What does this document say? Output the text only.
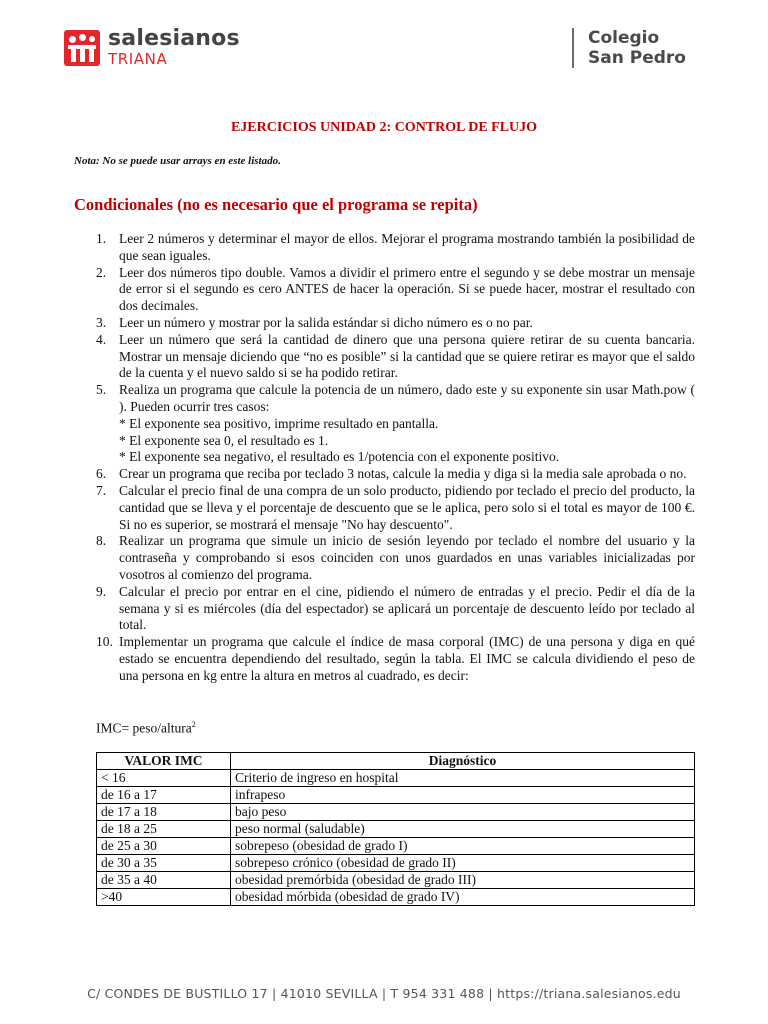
salesianos
TRIANA
Colegio
San Pedro
EJERCICIOS UNIDAD 2: CONTROL DE FLUJO
Nota: No se puede usar arrays en este listado.
Condicionales (no es necesario que el programa se repita)
1. Leer 2 números y determinar el mayor de ellos. Mejorar el programa mostrando también la posibilidad de que sean iguales.
2. Leer dos números tipo double. Vamos a dividir el primero entre el segundo y se debe mostrar un mensaje de error si el segundo es cero ANTES de hacer la operación. Si se puede hacer, mostrar el resultado con dos decimales.
3. Leer un número y mostrar por la salida estándar si dicho número es o no par.
4. Leer un número que será la cantidad de dinero que una persona quiere retirar de su cuenta bancaria. Mostrar un mensaje diciendo que “no es posible” si la cantidad que se quiere retirar es mayor que el saldo de la cuenta y el nuevo saldo si se ha podido retirar.
5. Realiza un programa que calcule la potencia de un número, dado este y su exponente sin usar Math.pow ( ). Pueden ocurrir tres casos:
* El exponente sea positivo, imprime resultado en pantalla.
* El exponente sea 0, el resultado es 1.
* El exponente sea negativo, el resultado es 1/potencia con el exponente positivo.
6. Crear un programa que reciba por teclado 3 notas, calcule la media y diga si la media sale aprobada o no.
7. Calcular el precio final de una compra de un solo producto, pidiendo por teclado el precio del producto, la cantidad que se lleva y el porcentaje de descuento que se le aplica, pero solo si el total es mayor de 100 €. Si no es superior, se mostrará el mensaje "No hay descuento".
8. Realizar un programa que simule un inicio de sesión leyendo por teclado el nombre del usuario y la contraseña y comprobando si esos coinciden con unos guardados en unas variables inicializadas por vosotros al comienzo del programa.
9. Calcular el precio por entrar en el cine, pidiendo el número de entradas y el precio. Pedir el día de la semana y si es miércoles (día del espectador) se aplicará un porcentaje de descuento leído por teclado al total.
10. Implementar un programa que calcule el índice de masa corporal (IMC) de una persona y diga en qué estado se encuentra dependiendo del resultado, según la tabla. El IMC se calcula dividiendo el peso de una persona en kg entre la altura en metros al cuadrado, es decir:
IMC= peso/altura$^2$
VALOR IMC	Diagnóstico
< 16	Criterio de ingreso en hospital
de 16 a 17	infrapeso
de 17 a 18	bajo peso
de 18 a 25	peso normal (saludable)
de 25 a 30	sobrepeso (obesidad de grado I)
de 30 a 35	sobrepeso crónico (obesidad de grado II)
de 35 a 40	obesidad premórbida (obesidad de grado III)
>40	obesidad mórbida (obesidad de grado IV)
C/ CONDES DE BUSTILLO 17 | 41010 SEVILLA | T 954 331 488 | https://triana.salesianos.edu
